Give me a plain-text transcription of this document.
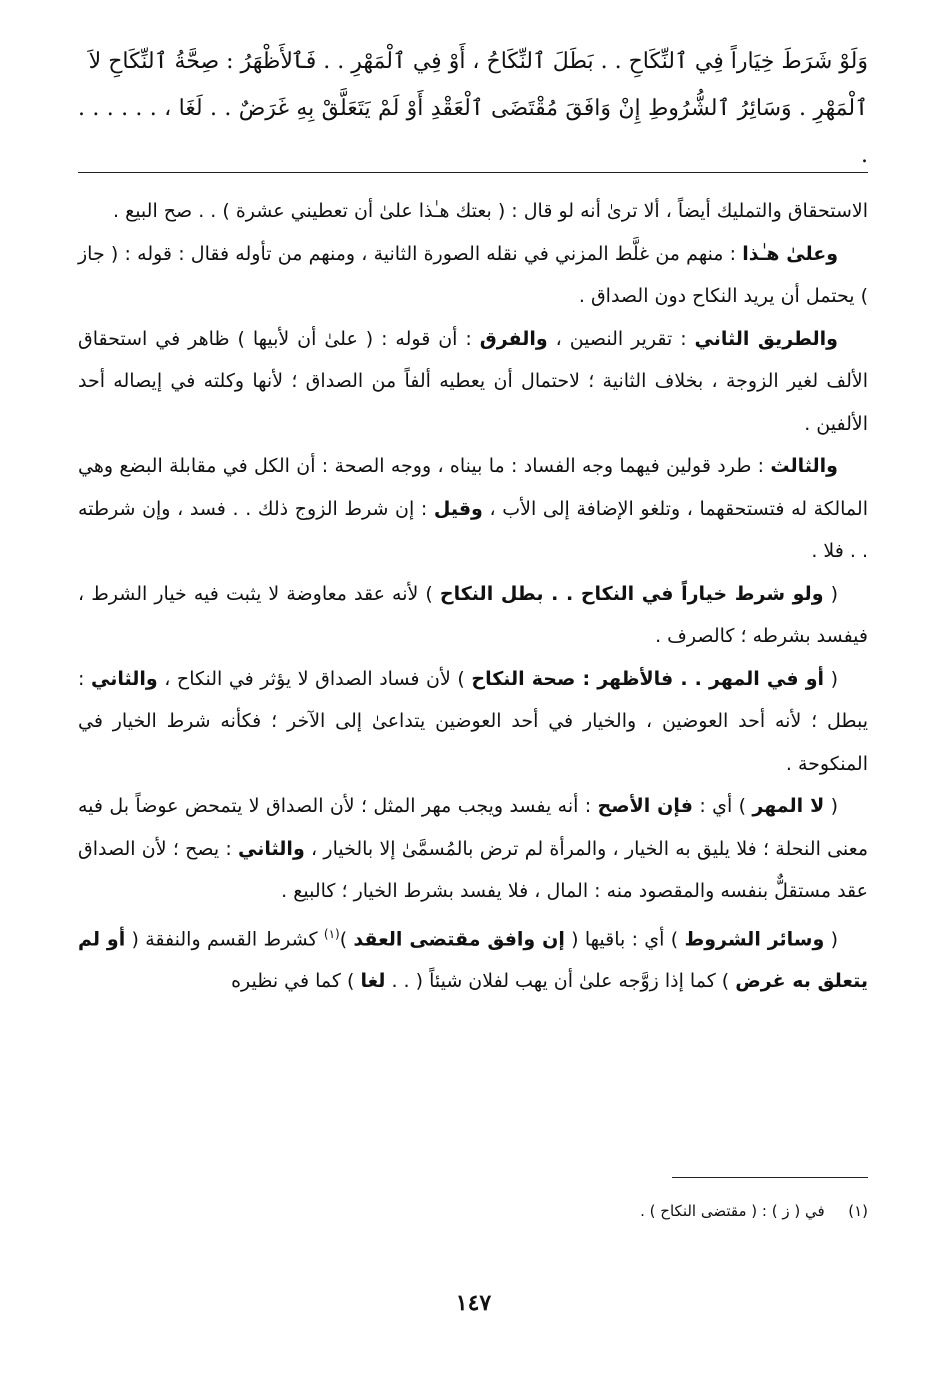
وَلَوْ شَرَطَ خِيَاراً فِي ٱلنِّكَاحِ . . بَطَلَ ٱلنِّكَاحُ ، أَوْ فِي ٱلْمَهْرِ . . فَٱلأَظْهَرُ : صِحَّةُ ٱلنِّكَاحِ لاَ

ٱلْمَهْرِ . وَسَائِرُ ٱلشُّرُوطِ إِنْ وَافَقَ مُقْتَضَى ٱلْعَقْدِ أَوْ لَمْ يَتَعَلَّقْ بِهِ غَرَضٌ . . لَغَا ، . . . . . . .

الاستحقاق والتمليك أيضاً ، ألا ترىٰ أنه لو قال : ( بعتك هـٰذا علىٰ أن تعطيني عشرة ) . . صح البيع .

وعلىٰ هـٰذا : منهم من غلَّط المزني في نقله الصورة الثانية ، ومنهم من تأوله فقال : قوله : ( جاز ) يحتمل أن يريد النكاح دون الصداق .

والطريق الثاني : تقرير النصين ، والفرق : أن قوله : ( علىٰ أن لأبيها ) ظاهر في استحقاق الألف لغير الزوجة ، بخلاف الثانية ؛ لاحتمال أن يعطيه ألفاً من الصداق ؛ لأنها وكلته في إيصاله أحد الألفين .

والثالث : طرد قولين فيهما وجه الفساد : ما بيناه ، ووجه الصحة : أن الكل في مقابلة البضع وهي المالكة له فتستحقهما ، وتلغو الإضافة إلى الأب ، وقيل : إن شرط الزوج ذلك . . فسد ، وإن شرطته . . فلا .

( ولو شرط خياراً في النكاح . . بطل النكاح ) لأنه عقد معاوضة لا يثبت فيه خيار الشرط ، فيفسد بشرطه ؛ كالصرف .

( أو في المهر . . فالأظهر : صحة النكاح ) لأن فساد الصداق لا يؤثر في النكاح ، والثاني : يبطل ؛ لأنه أحد العوضين ، والخيار في أحد العوضين يتداعىٰ إلى الآخر ؛ فكأنه شرط الخيار في المنكوحة .

( لا المهر ) أي : فإن الأصح : أنه يفسد ويجب مهر المثل ؛ لأن الصداق لا يتمحض عوضاً بل فيه معنى النحلة ؛ فلا يليق به الخيار ، والمرأة لم ترض بالمُسمَّىٰ إلا بالخيار ، والثاني : يصح ؛ لأن الصداق عقد مستقلٌّ بنفسه والمقصود منه : المال ، فلا يفسد بشرط الخيار ؛ كالبيع .

( وسائر الشروط ) أي : باقيها ( إن وافق مقتضى العقد )$^{(١)}$ كشرط القسم والنفقة ( أو لم يتعلق به غرض ) كما إذا زوَّجه علىٰ أن يهب لفلان شيئاً ( . . لغا ) كما في نظيره

(١)  في ( ز ) : ( مقتضى النكاح ) .
١٤٧
